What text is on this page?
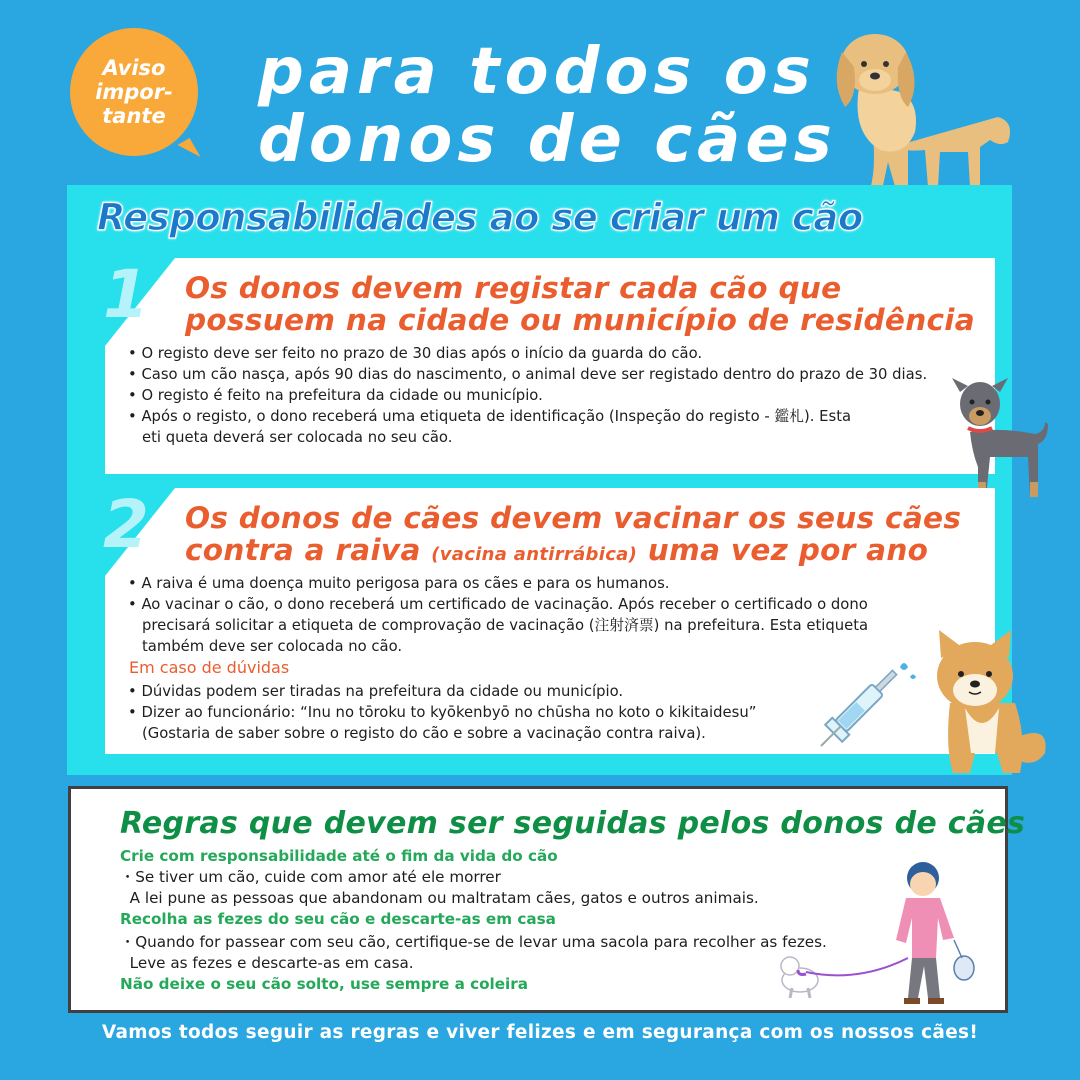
Aviso
impor-
tante
para todos os
donos de cães
Responsabilidades ao se criar um cão
1 Os donos devem registar cada cão que
possuem na cidade ou município de residência
• O registo deve ser feito no prazo de 30 dias após o início da guarda do cão.
• Caso um cão nasça, após 90 dias do nascimento, o animal deve ser registado dentro do prazo de 30 dias.
• O registo é feito na prefeitura da cidade ou município.
• Após o registo, o dono receberá uma etiqueta de identificação (Inspeção do registo - 鑑札). Esta eti queta deverá ser colocada no seu cão.
2 Os donos de cães devem vacinar os seus cães
contra a raiva (vacina antirrábica) uma vez por ano
• A raiva é uma doença muito perigosa para os cães e para os humanos.
• Ao vacinar o cão, o dono receberá um certificado de vacinação. Após receber o certificado o dono precisará solicitar a etiqueta de comprovação de vacinação (注射済票) na prefeitura. Esta etiqueta também deve ser colocada no cão.
Em caso de dúvidas
• Dúvidas podem ser tiradas na prefeitura da cidade ou município.
• Dizer ao funcionário: “Inu no tōroku to kyōkenbyō no chūsha no koto o kikitaidesu” (Gostaria de saber sobre o registo do cão e sobre a vacinação contra raiva).
Regras que devem ser seguidas pelos donos de cães
Crie com responsabilidade até o fim da vida do cão
・Se tiver um cão, cuide com amor até ele morrer
A lei pune as pessoas que abandonam ou maltratam cães, gatos e outros animais.
Recolha as fezes do seu cão e descarte-as em casa
・Quando for passear com seu cão, certifique-se de levar uma sacola para recolher as fezes.
Leve as fezes e descarte-as em casa.
Não deixe o seu cão solto, use sempre a coleira
Vamos todos seguir as regras e viver felizes e em segurança com os nossos cães!
